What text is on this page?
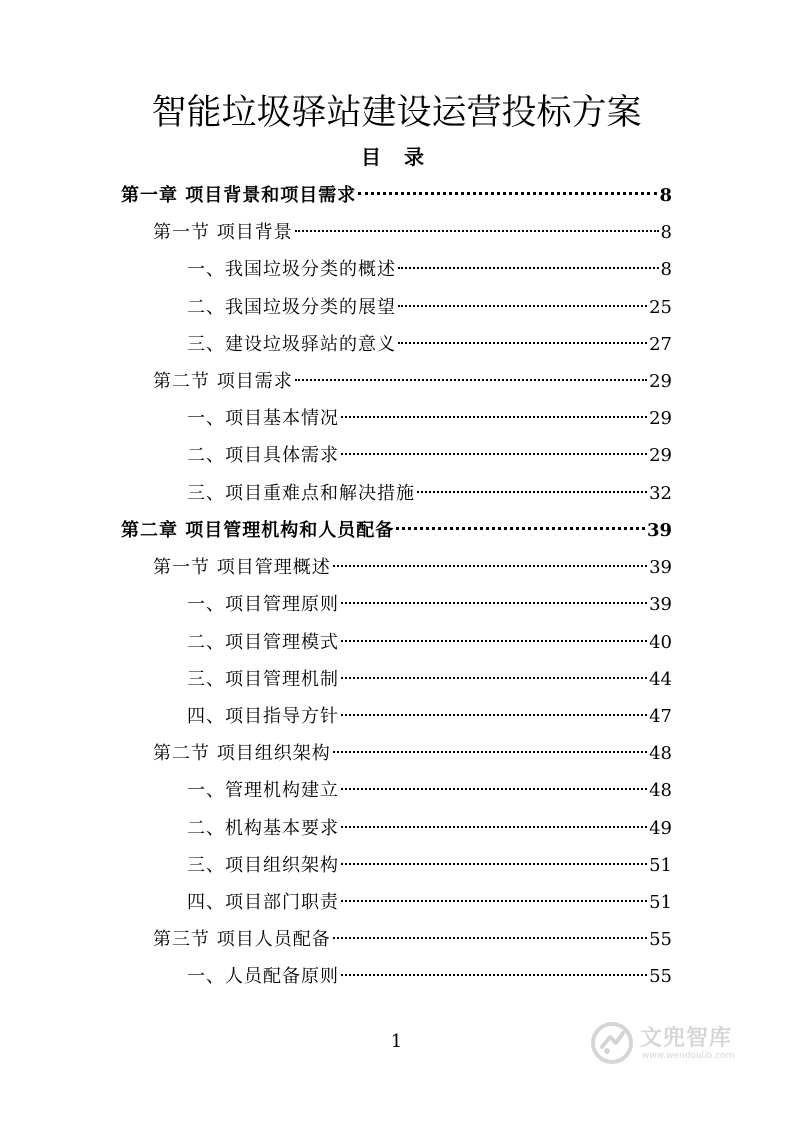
智能垃圾驿站建设运营投标方案
目 录
第一章 项目背景和项目需求	8
第一节 项目背景	8
一、我国垃圾分类的概述	8
二、我国垃圾分类的展望	25
三、建设垃圾驿站的意义	27
第二节 项目需求	29
一、项目基本情况	29
二、项目具体需求	29
三、项目重难点和解决措施	32
第二章 项目管理机构和人员配备	39
第一节 项目管理概述	39
一、项目管理原则	39
二、项目管理模式	40
三、项目管理机制	44
四、项目指导方针	47
第二节 项目组织架构	48
一、管理机构建立	48
二、机构基本要求	49
三、项目组织架构	51
四、项目部门职责	51
第三节 项目人员配备	55
一、人员配备原则	55
1	文兜智库
www.wendoulib.com
